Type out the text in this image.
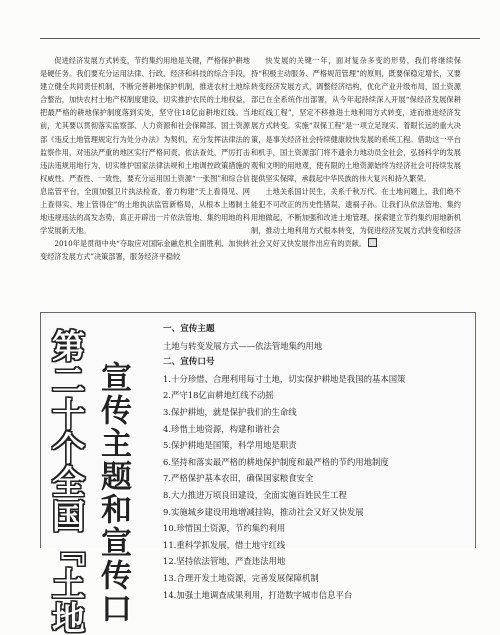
促进经济发展方式转变，节约集约用地是关键，严格保护耕地是硬任务。我们要充分运用法律、行政、经济和科技的综合手段，建立健全共同责任机制，不断完善耕地保护机制，推进农村土地综合整治，加快农村土地产权制度建设，切实推护农民的土地权益，把最严格的耕地保护制度落到实处，坚守住18亿亩耕地红线。当前，尤其要以贯彻落实监察部、人力资源和社会保障部、国土资源部《违反土地管理规定行为处分办法》为契机，充分发挥法律法的监察作用，对违法严重的地区实行严格问责。依法查处，严厉打击违法违规用地行为，切实维护国家法律法规和土地调控政策措施的权威性。严查性、一致性，要充分运用国土资源“一张图”和综合信息监管平台，全面加强卫片执法检查，着力构建“天上看得见、网上查得实、地上管得住”的土地执法监管新格局，从根本上遏制土地违规违法的高发态势，真正开辟出一片依法管地、集约用地的科学发展新天地。

2010年是贯彻中央“夺取应对国际金融危机全面胜利、加快转变经济发展方式”决策部署，服务经济平稳较

快发展的关键一年，面对复杂多变的形势，我们将继续保持“积极主动服务、严格规范管理”的原则，既要保稳定增长，又要转变经济发展方式，调整经济结构，优化产业升级布局，国土资源部已在全系统作出部署，从今年起持续深入开展“保经济发展保耕地红线工程”，坚定不移推进土地利用方式转变，进而推进经济发展方式转变。实施“双保工程”是一项立足现实、着眼长远的重大决策，是事关经济社会持续健康较快发展的系统工程。借助这一平台和机手，国土资源部门将不遗余力地动员全社会，弘扬科学的发展观和文明的用地观，使有限的土地资源始终为经济社会可持续发展提供坚实保障，承载起中华民族的伟大复兴和持久繁荣。

土地关系国计民生，关系千秋万代。在土地问题上，我们绝不能犯不可改正的历史性错误，遗祸子孙。让我们从依法管地、集约用地做起，不断加强和改进土地管理，探索建立节约集约用地新机制，推动土地利用方式根本转变，为促进经济发展方式转变和经济社会又好又快发展作出应有的贡献。

第二十个全国『土地 宣传主题和宣传口
一、宣传主题
土地与转变发展方式——依法管地集约用地
二、宣传口号
1.十分珍惜、合理利用每寸土地，切实保护耕地是我国的基本国策
2.严守18亿亩耕地红线不动摇
3.保护耕地，就是保护我们的生命线
4.珍惜土地资源，构建和谐社会
5.保护耕地是国策，科学用地是职责
6.坚持和落实最严格的耕地保护制度和最严格的节约用地制度
7.严格保护基本农田，确保国家粮食安全
8.大力推进万顷良田建设，全面实施百姓民生工程
9.实施城乡建设用地增减挂钩，推动社会又好又快发展
10.珍惜国土资源，节约集约利用
11.重科学抓发展，惜土地守红线
12.坚持依法管地，严查违法用地
13.合理开发土地资源，完善发展保障机制
14.加强土地调查成果利用，打造数字城市信息平台
